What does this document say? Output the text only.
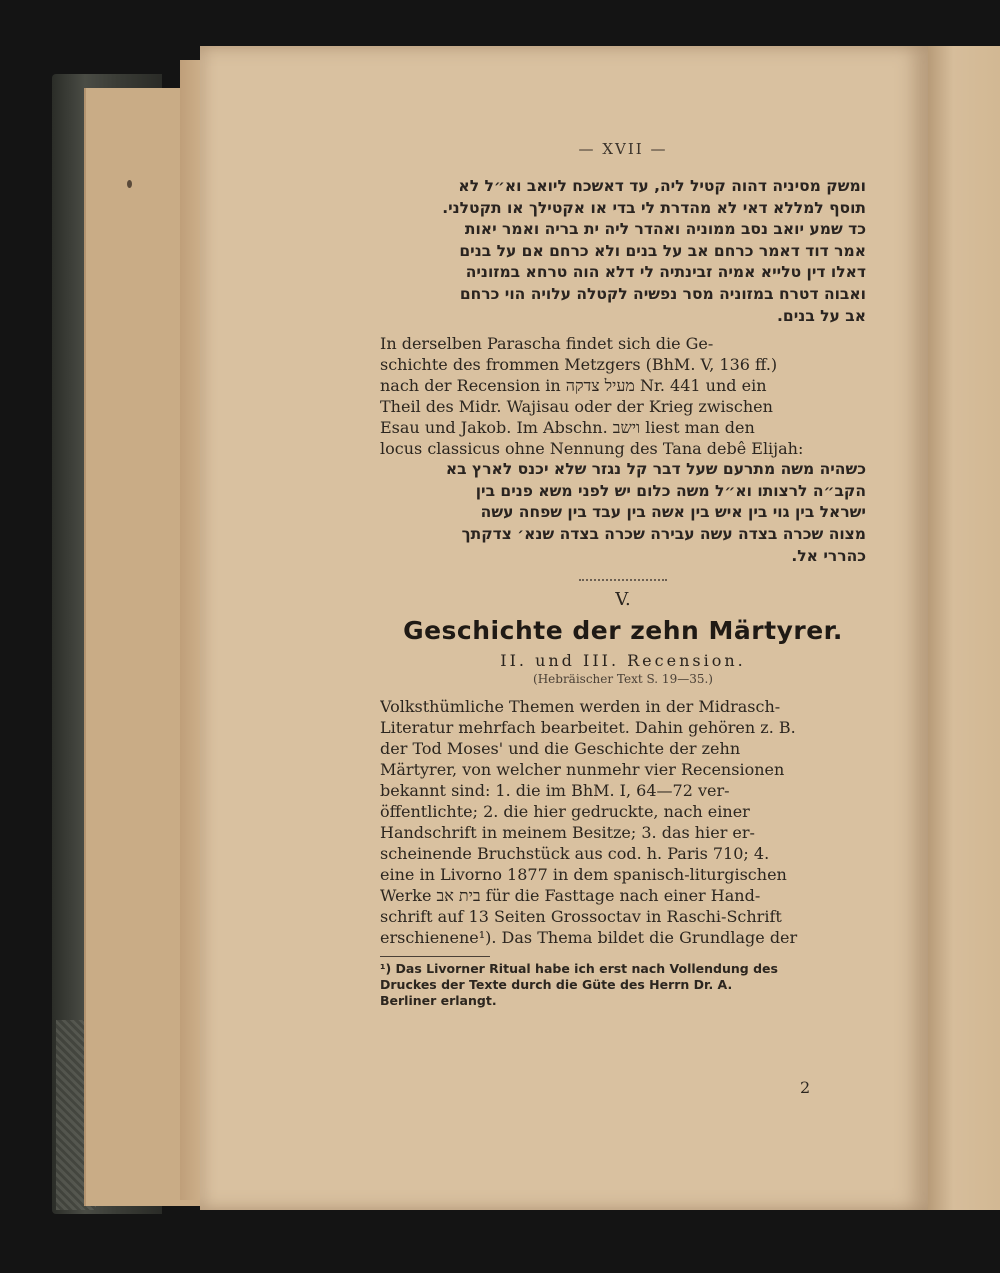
— XVII —
ומשק מסיניה דהוה קטיל ליה, עד דאשכח ליואב וא״ל לא
תוסף למללא דאי לא מהדרת לי בדי או אקטילך או תקטלני.
כד שמע יואב נסב ממוניה ואהדר ליה ית בריה ואמר יאות
אמר דוד דאמר כרחם אב על בנים ולא כרחם אם על בנים
דאלו דין טלייא אמיה זבינתיה לי דלא הוה טרחא במזוניה
ואבוה דטרח במזוניה מסר נפשיה לקטלה עלויה הוי כרחם
אב על בנים.
In derselben Parascha findet sich die Ge-
schichte des frommen Metzgers (BhM. V, 136 ff.)
nach der Recension in מעיל צדקה Nr. 441 und ein
Theil des Midr. Wajisau oder der Krieg zwischen
Esau und Jakob. Im Abschn. וישב liest man den
locus classicus ohne Nennung des Tana debê Elijah:
כשהיה משה מתרעם שעל דבר קל נגזר שלא יכנס לארץ בא
הקב״ה לרצותו וא״ל משה כלום יש לפני משא פנים בין
ישראל בין גוי בין איש בין אשה בין עבד בין שפחה עשה
מצוה שכרה בצדה עשה עבירה שכרה בצדה שנא׳ צדקתך
כהררי אל.
V.
Geschichte der zehn Märtyrer.
II. und III. Recension.
(Hebräischer Text S. 19—35.)
Volksthümliche Themen werden in der Midrasch-
Literatur mehrfach bearbeitet. Dahin gehören z. B.
der Tod Moses' und die Geschichte der zehn
Märtyrer, von welcher nunmehr vier Recensionen
bekannt sind: 1. die im BhM. I, 64—72 ver-
öffentlichte; 2. die hier gedruckte, nach einer
Handschrift in meinem Besitze; 3. das hier er-
scheinende Bruchstück aus cod. h. Paris 710; 4.
eine in Livorno 1877 in dem spanisch-liturgischen
Werke בית אב für die Fasttage nach einer Hand-
schrift auf 13 Seiten Grossoctav in Raschi-Schrift
erschienene¹). Das Thema bildet die Grundlage der
¹) Das Livorner Ritual habe ich erst nach Vollendung des
Druckes der Texte durch die Güte des Herrn Dr. A.
Berliner erlangt.
2
